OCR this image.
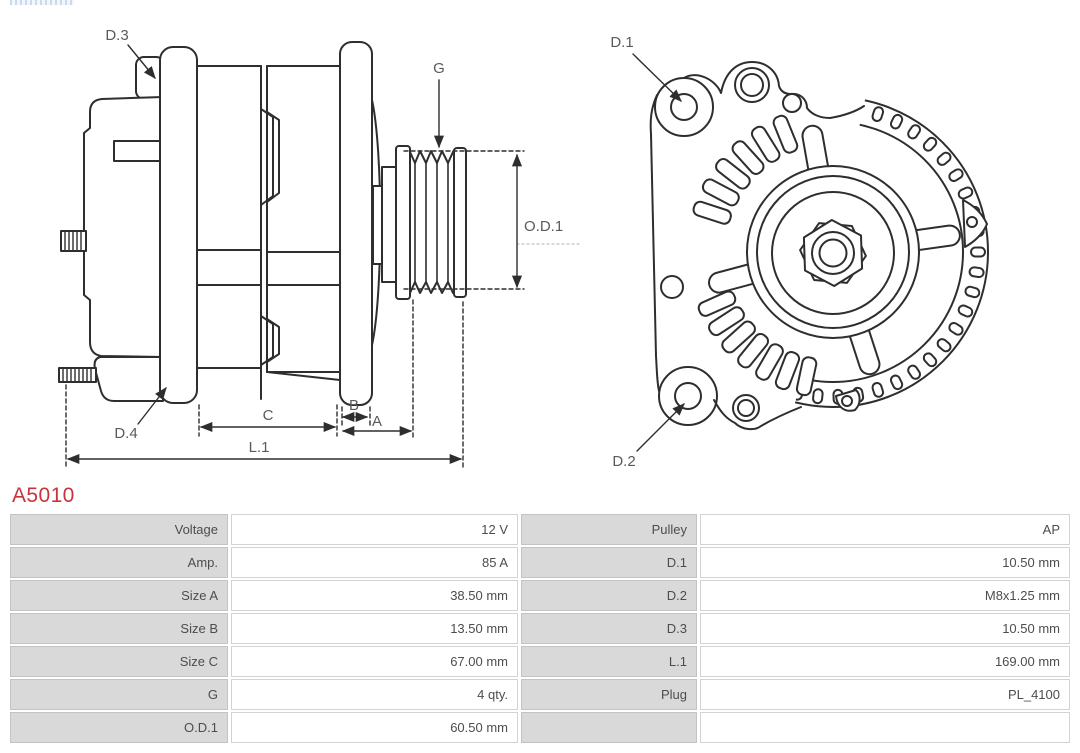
D.3
D.4
G
O.D.1
C
B
A
L.1
D.1
D.2
A5010
Voltage	12 V	Pulley	AP
Amp.	85 A	D.1	10.50 mm
Size A	38.50 mm	D.2	M8x1.25 mm
Size B	13.50 mm	D.3	10.50 mm
Size C	67.00 mm	L.1	169.00 mm
G	4 qty.	Plug	PL_4100
O.D.1	60.50 mm
